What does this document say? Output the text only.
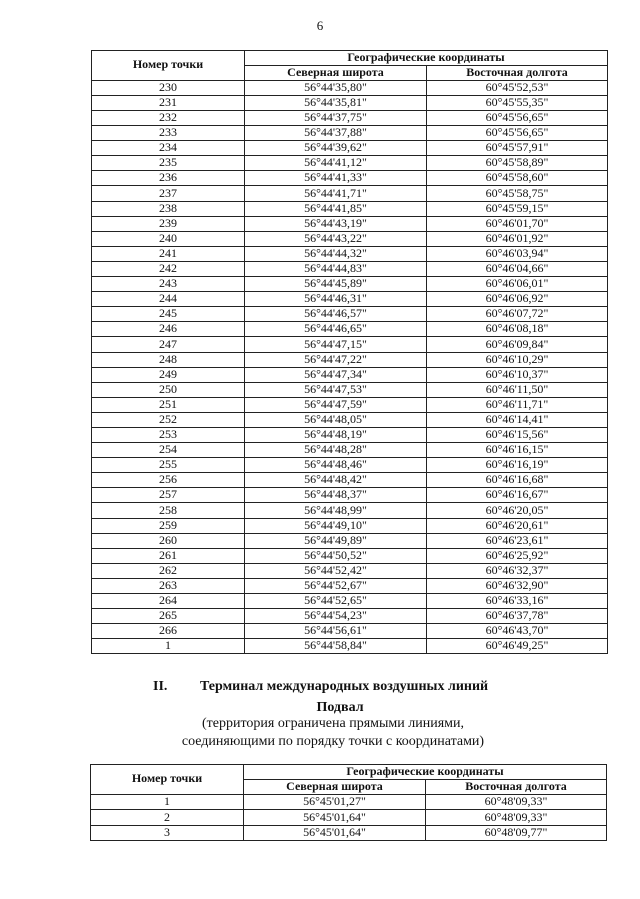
6
Номер точки	Географические координаты	
	Северная широта	Восточная долгота
230	56°44'35,80"	60°45'52,53"
231	56°44'35,81"	60°45'55,35"
232	56°44'37,75"	60°45'56,65"
233	56°44'37,88"	60°45'56,65"
234	56°44'39,62"	60°45'57,91"
235	56°44'41,12"	60°45'58,89"
236	56°44'41,33"	60°45'58,60"
237	56°44'41,71"	60°45'58,75"
238	56°44'41,85"	60°45'59,15"
239	56°44'43,19"	60°46'01,70"
240	56°44'43,22"	60°46'01,92"
241	56°44'44,32"	60°46'03,94"
242	56°44'44,83"	60°46'04,66"
243	56°44'45,89"	60°46'06,01"
244	56°44'46,31"	60°46'06,92"
245	56°44'46,57"	60°46'07,72"
246	56°44'46,65"	60°46'08,18"
247	56°44'47,15"	60°46'09,84"
248	56°44'47,22"	60°46'10,29"
249	56°44'47,34"	60°46'10,37"
250	56°44'47,53"	60°46'11,50"
251	56°44'47,59"	60°46'11,71"
252	56°44'48,05"	60°46'14,41"
253	56°44'48,19"	60°46'15,56"
254	56°44'48,28"	60°46'16,15"
255	56°44'48,46"	60°46'16,19"
256	56°44'48,42"	60°46'16,68"
257	56°44'48,37"	60°46'16,67"
258	56°44'48,99"	60°46'20,05"
259	56°44'49,10"	60°46'20,61"
260	56°44'49,89"	60°46'23,61"
261	56°44'50,52"	60°46'25,92"
262	56°44'52,42"	60°46'32,37"
263	56°44'52,67"	60°46'32,90"
264	56°44'52,65"	60°46'33,16"
265	56°44'54,23"	60°46'37,78"
266	56°44'56,61"	60°46'43,70"
1	56°44'58,84"	60°46'49,25"
II. Терминал международных воздушных линий
Подвал
(территория ограничена прямыми линиями,
соединяющими по порядку точки с координатами)
Номер точки	Географические координаты	
	Северная широта	Восточная долгота
1	56°45'01,27"	60°48'09,33"
2	56°45'01,64"	60°48'09,33"
3	56°45'01,64"	60°48'09,77"
